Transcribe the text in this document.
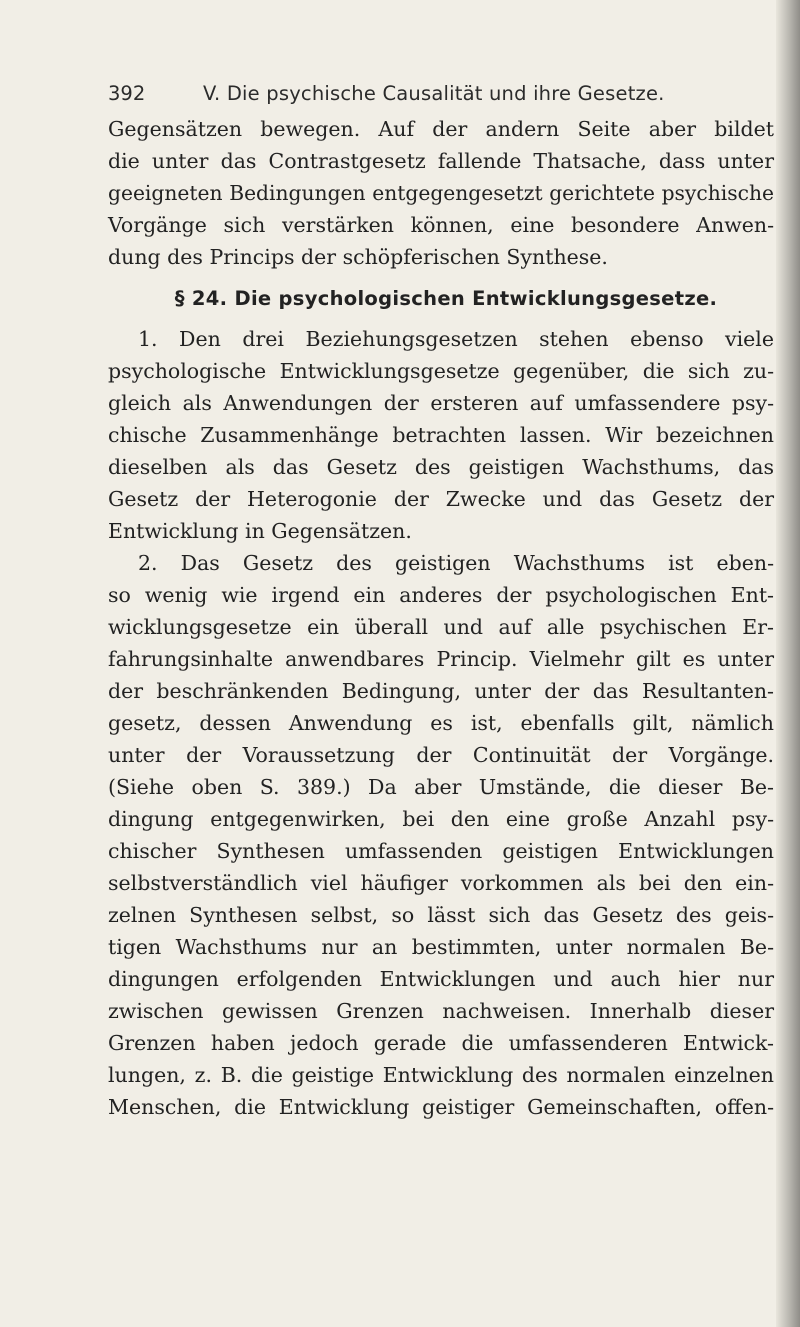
392	V. Die psychische Causalität und ihre Gesetze.
Gegensätzen bewegen. Auf der andern Seite aber bildet
die unter das Contrastgesetz fallende Thatsache, dass unter
geeigneten Bedingungen entgegengesetzt gerichtete psychische
Vorgänge sich verstärken können, eine besondere Anwen-
dung des Princips der schöpferischen Synthese.
§ 24. Die psychologischen Entwicklungsgesetze.
1. Den drei Beziehungsgesetzen stehen ebenso viele
psychologische Entwicklungsgesetze gegenüber, die sich zu-
gleich als Anwendungen der ersteren auf umfassendere psy-
chische Zusammenhänge betrachten lassen. Wir bezeichnen
dieselben als das Gesetz des geistigen Wachsthums, das
Gesetz der Heterogonie der Zwecke und das Gesetz der
Entwicklung in Gegensätzen.
2. Das Gesetz des geistigen Wachsthums ist eben-
so wenig wie irgend ein anderes der psychologischen Ent-
wicklungsgesetze ein überall und auf alle psychischen Er-
fahrungsinhalte anwendbares Princip. Vielmehr gilt es unter
der beschränkenden Bedingung, unter der das Resultanten-
gesetz, dessen Anwendung es ist, ebenfalls gilt, nämlich
unter der Voraussetzung der Continuität der Vorgänge.
(Siehe oben S. 389.) Da aber Umstände, die dieser Be-
dingung entgegenwirken, bei den eine große Anzahl psy-
chischer Synthesen umfassenden geistigen Entwicklungen
selbstverständlich viel häufiger vorkommen als bei den ein-
zelnen Synthesen selbst, so lässt sich das Gesetz des geis-
tigen Wachsthums nur an bestimmten, unter normalen Be-
dingungen erfolgenden Entwicklungen und auch hier nur
zwischen gewissen Grenzen nachweisen. Innerhalb dieser
Grenzen haben jedoch gerade die umfassenderen Entwick-
lungen, z. B. die geistige Entwicklung des normalen einzelnen
Menschen, die Entwicklung geistiger Gemeinschaften, offen-
